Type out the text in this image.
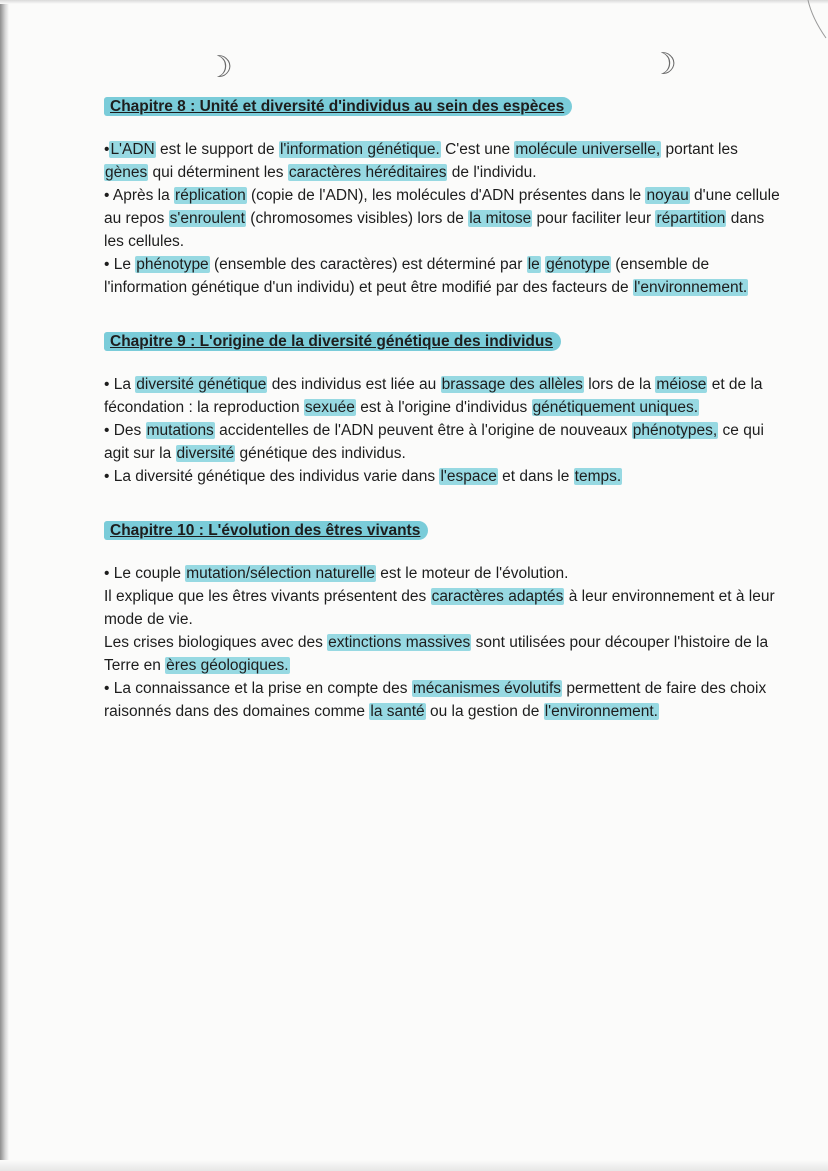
☽	☽
Chapitre 8 : Unité et diversité d'individus au sein des espèces

•L'ADN est le support de l'information génétique. C'est une molécule universelle, portant les gènes qui déterminent les caractères héréditaires de l'individu.

• Après la réplication (copie de l'ADN), les molécules d'ADN présentes dans le noyau d'une cellule au repos s'enroulent (chromosomes visibles) lors de la mitose pour faciliter leur répartition dans les cellules.

• Le phénotype (ensemble des caractères) est déterminé par le génotype (ensemble de l'information génétique d'un individu) et peut être modifié par des facteurs de l'environnement.

Chapitre 9 : L'origine de la diversité génétique des individus

• La diversité génétique des individus est liée au brassage des allèles lors de la méiose et de la fécondation : la reproduction sexuée est à l'origine d'individus génétiquement uniques.

• Des mutations accidentelles de l'ADN peuvent être à l'origine de nouveaux phénotypes, ce qui agit sur la diversité génétique des individus.

• La diversité génétique des individus varie dans l'espace et dans le temps.

Chapitre 10 : L'évolution des êtres vivants

• Le couple mutation/sélection naturelle est le moteur de l'évolution.

Il explique que les êtres vivants présentent des caractères adaptés à leur environnement et à leur mode de vie.

Les crises biologiques avec des extinctions massives sont utilisées pour découper l'histoire de la Terre en ères géologiques.

• La connaissance et la prise en compte des mécanismes évolutifs permettent de faire des choix raisonnés dans des domaines comme la santé ou la gestion de l'environnement.
